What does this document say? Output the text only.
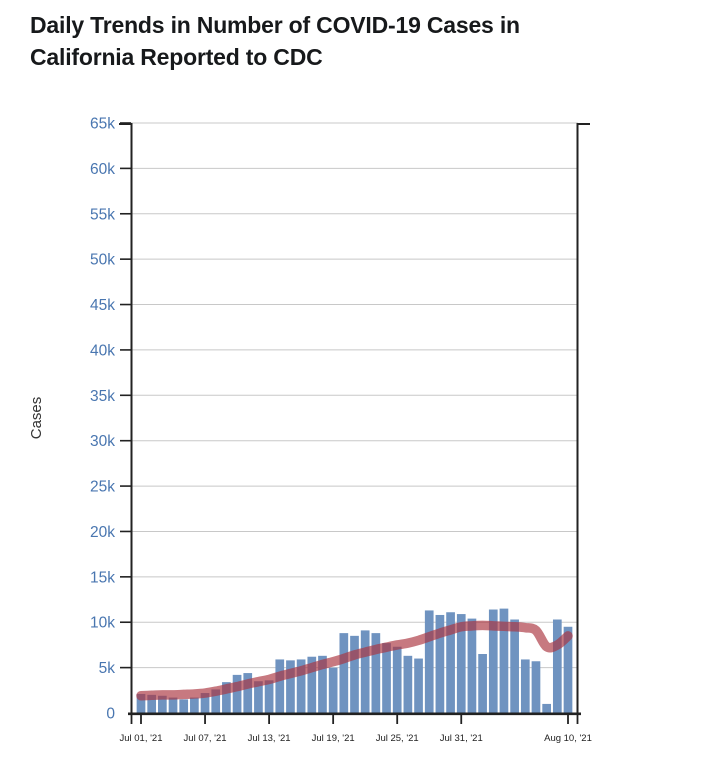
Daily Trends in Number of COVID-19 Cases in California Reported to CDC
Cases
0
5k
10k
15k
20k
25k
30k
35k
40k
45k
50k
55k
60k
65k
Jul 01, '21 Jul 07, '21 Jul 13, '21 Jul 19, '21 Jul 25, '21 Jul 31, '21	Aug 10, '21
